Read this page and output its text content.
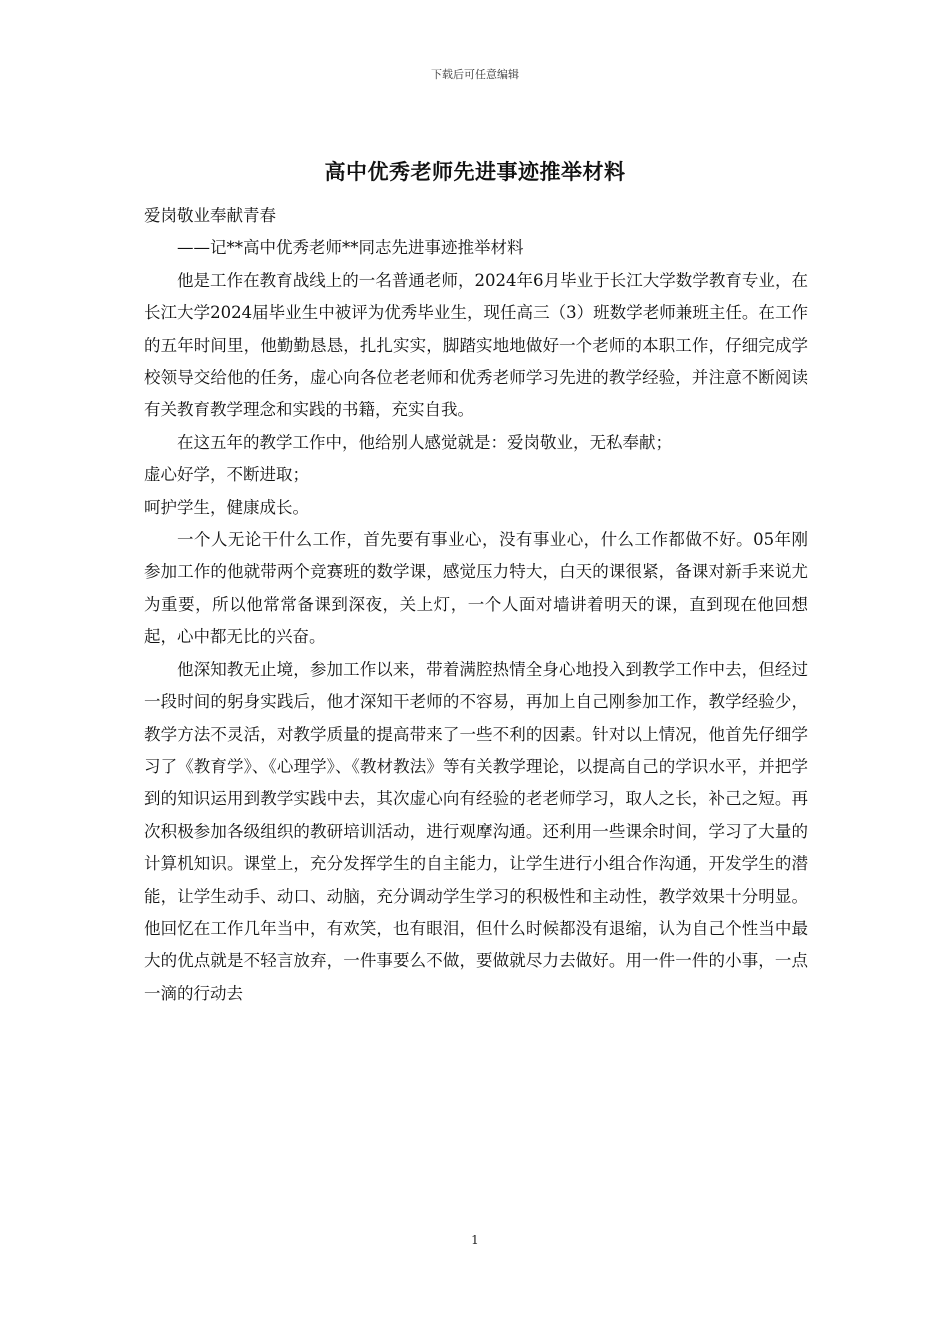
下载后可任意编辑
高中优秀老师先进事迹推举材料

爱岗敬业奉献青春

——记**高中优秀老师**同志先进事迹推举材料

他是工作在教育战线上的一名普通老师，2024年6月毕业于长江大学数学教育专业，在长江大学2024届毕业生中被评为优秀毕业生，现任高三（3）班数学老师兼班主任。在工作的五年时间里，他勤勤恳恳，扎扎实实，脚踏实地地做好一个老师的本职工作，仔细完成学校领导交给他的任务，虚心向各位老老师和优秀老师学习先进的教学经验，并注意不断阅读有关教育教学理念和实践的书籍，充实自我。

在这五年的教学工作中，他给别人感觉就是：爱岗敬业，无私奉献；

虚心好学，不断进取；

呵护学生，健康成长。

一个人无论干什么工作，首先要有事业心，没有事业心，什么工作都做不好。05年刚参加工作的他就带两个竞赛班的数学课，感觉压力特大，白天的课很紧，备课对新手来说尤为重要，所以他常常备课到深夜，关上灯，一个人面对墙讲着明天的课，直到现在他回想起，心中都无比的兴奋。

他深知教无止境，参加工作以来，带着满腔热情全身心地投入到教学工作中去，但经过一段时间的躬身实践后，他才深知干老师的不容易，再加上自己刚参加工作，教学经验少，教学方法不灵活，对教学质量的提高带来了一些不利的因素。针对以上情况，他首先仔细学习了《教育学》、《心理学》、《教材教法》等有关教学理论，以提高自己的学识水平，并把学到的知识运用到教学实践中去，其次虚心向有经验的老老师学习，取人之长，补己之短。再次积极参加各级组织的教研培训活动，进行观摩沟通。还利用一些课余时间，学习了大量的计算机知识。课堂上，充分发挥学生的自主能力，让学生进行小组合作沟通，开发学生的潜能，让学生动手、动口、动脑，充分调动学生学习的积极性和主动性，教学效果十分明显。他回忆在工作几年当中，有欢笑，也有眼泪，但什么时候都没有退缩，认为自己个性当中最大的优点就是不轻言放弃，一件事要么不做，要做就尽力去做好。用一件一件的小事，一点一滴的行动去

1
